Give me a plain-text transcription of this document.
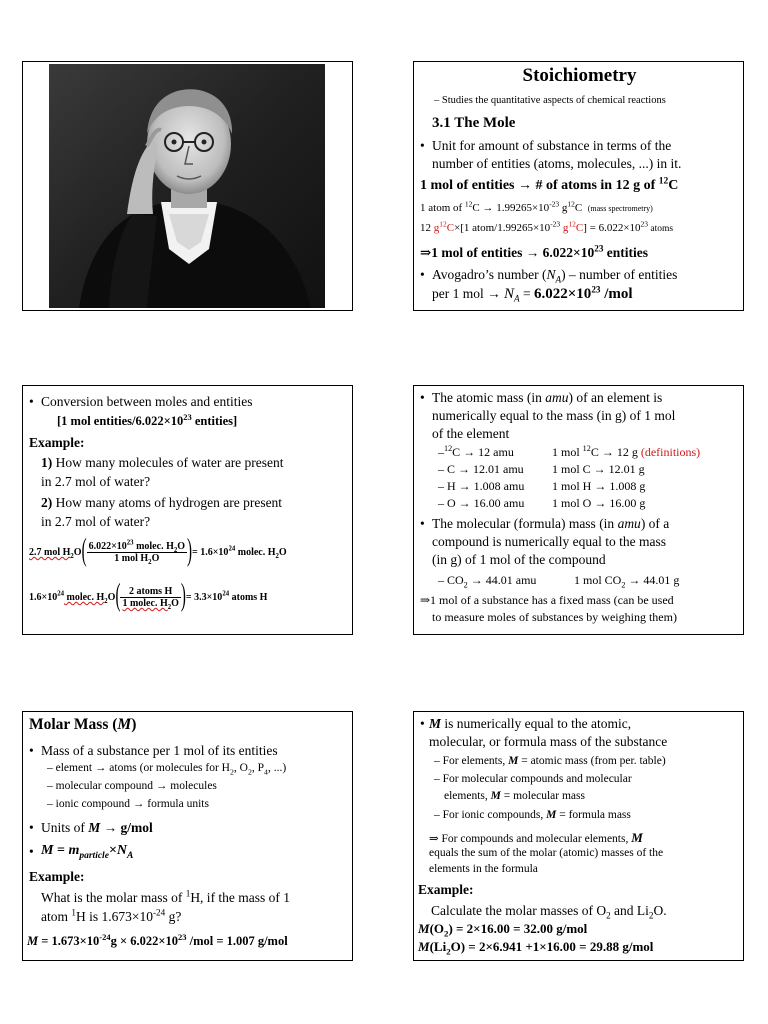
Stoichiometry
– Studies the quantitative aspects of chemical reactions
3.1 The Mole
• Unit for amount of substance in terms of the
number of entities (atoms, molecules, ...) in it.
1 mol of entities → # of atoms in 12 g of $^{12}$C
1 atom of $^{12}C \to 1.99265\times 10^{-23}$ $g^{12}C$ (mass spectrometry)
12 $g^{12}C\times[1$ atom/$1.99265\times 10^{-23}$ $g^{12}C] = 6.022\times 10^{23}$ atoms
⇒1 mol of entities → $6.022\times 10^{23}$ entities
• Avogadro’s number $(N_A)$ – number of entities
per 1 mol → $N_A = 6.022\times 10^{23}$ /mol
• Conversion between moles and entities
[1 mol entities/$6.022\times 10^{23}$ entities]
Example:
1) How many molecules of water are present
in 2.7 mol of water?
2) How many atoms of hydrogen are present
in 2.7 mol of water?
2.7 mol $H_2O$ ( $\frac{6.022\times 10^{23} molec. H_2O}{1 mol H_2O}$ ) = $1.6\times 10^{24}$ molec. $H_2O$
$1.6\times 10^{24}$ molec. $H_2O$ ( $\frac{\text{2 atoms H}}{1 molec. H_2O}$ ) = $3.3\times 10^{24}$ atoms H
• The atomic mass (in amu) of an element is
numerically equal to the mass (in g) of 1 mol
of the element
–$^{12}$C → 12 amu	1 mol $^{12}$C → 12 g (definitions)
– C → 12.01 amu 1 mol C → 12.01 g
– H → 1.008 amu 1 mol H → 1.008 g
– O → 16.00 amu 1 mol O → 16.00 g
• The molecular (formula) mass (in amu) of a
compound is numerically equal to the mass
(in g) of 1 mol of the compound
– $CO_2 \to 44.01$ amu	1 mol $CO_2 \to 44.01$ g
⇒1 mol of a substance has a fixed mass (can be used
to measure moles of substances by weighing them)
Molar Mass (M)
• Mass of a substance per 1 mol of its entities
– element → atoms (or molecules for $H_2$, $O_2$, $P_4$, ...)
– molecular compound → molecules
– ionic compound → formula units
• Units of M → g/mol
• $M = m_{particle}\times N_A$
Example:
What is the molar mass of $^1$H, if the mass of 1
atom $^1$H is $1.673\times 10^{-24}$ g?
$M = 1.673\times 10^{-24}g \times 6.022\times 10^{23}$ /mol = 1.007 g/mol
• M is numerically equal to the atomic,
molecular, or formula mass of the substance
– For elements, M = atomic mass (from per. table)
– For molecular compounds and molecular
elements, M = molecular mass
– For ionic compounds, M = formula mass
⇒ For compounds and molecular elements, M
equals the sum of the molar (atomic) masses of the
elements in the formula
Example:
Calculate the molar masses of $O_2$ and $Li_2O$.
$M(O_2) = 2\times 16.00 = 32.00$ g/mol
$M(Li_2O) = 2\times 6.941 +1\times 16.00 = 29.88$ g/mol
